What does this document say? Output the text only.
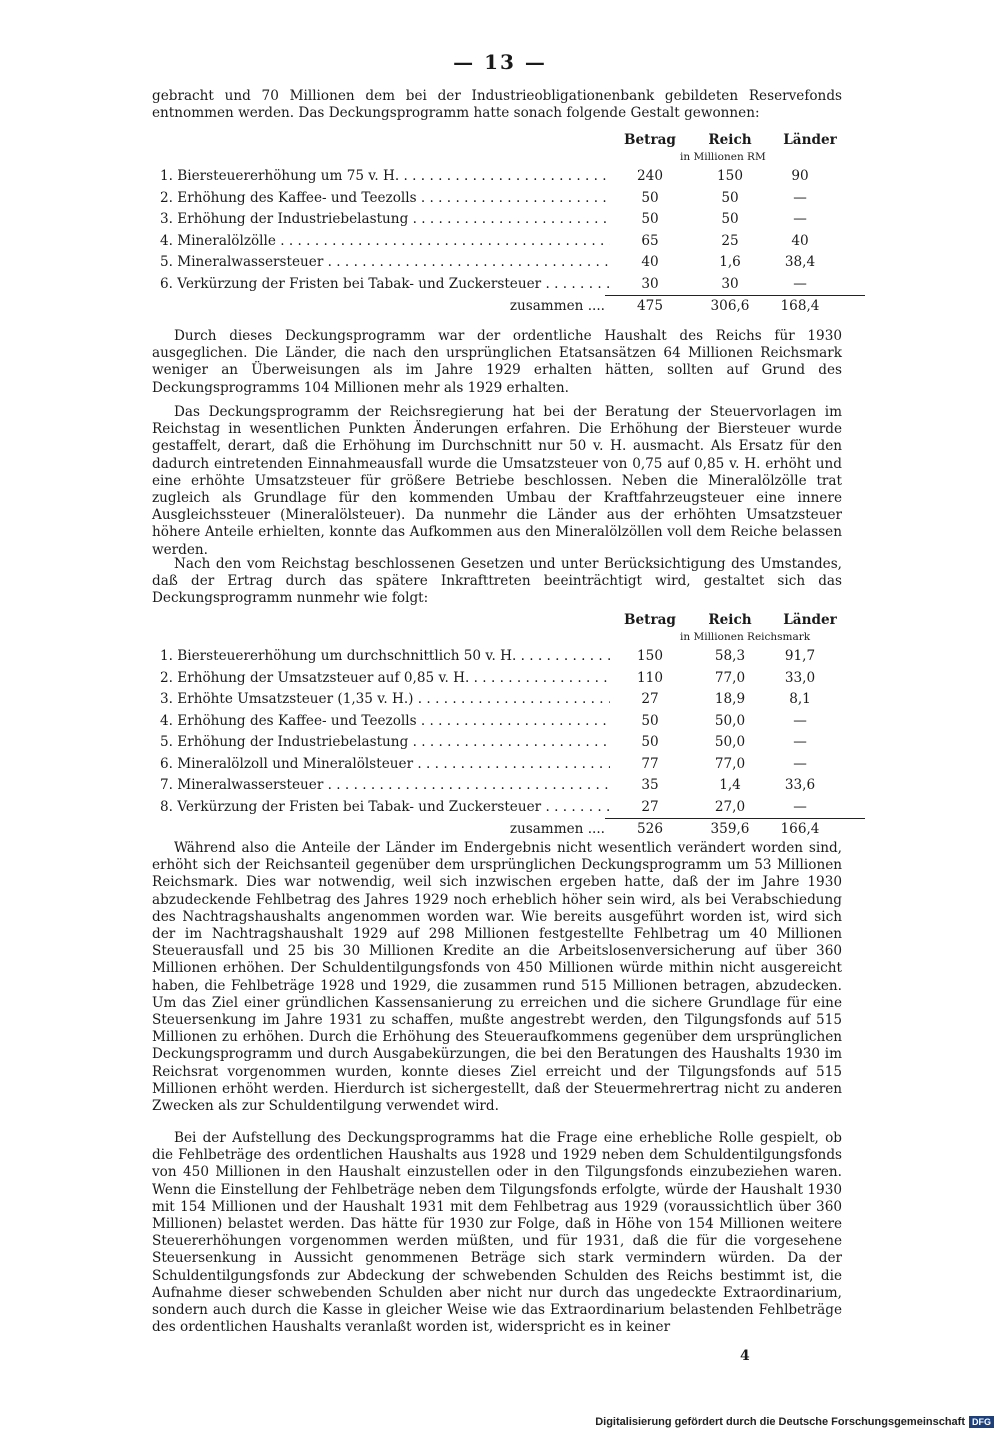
— 13 —

gebracht und 70 Millionen dem bei der Industrieobligationenbank gebildeten Reservefonds entnommen werden. Das Deckungsprogramm hatte sonach folgende Gestalt gewonnen:

Betrag	Reich	Länder
in Millionen RM
1. Biersteuererhöhung um 75 v. H. . . .	240	150	90
2. Erhöhung des Kaffee- und Teezolls . . .	50	50	—
3. Erhöhung der Industriebelastung . . .	50	50	—
4. Mineralölzölle . . .	65	25	40
5. Mineralwassersteuer . . .	40	1,6	38,4
6. Verkürzung der Fristen bei Tabak- und Zuckersteuer . . .	30	30	—
zusammen ....	475	306,6	168,4

Durch dieses Deckungsprogramm war der ordentliche Haushalt des Reichs für 1930 ausgeglichen. Die Länder, die nach den ursprünglichen Etatsansätzen 64 Millionen Reichsmark weniger an Überweisungen als im Jahre 1929 erhalten hätten, sollten auf Grund des Deckungsprogramms 104 Millionen mehr als 1929 erhalten.

Das Deckungsprogramm der Reichsregierung hat bei der Beratung der Steuervorlagen im Reichstag in wesentlichen Punkten Änderungen erfahren. Die Erhöhung der Biersteuer wurde gestaffelt, derart, daß die Erhöhung im Durchschnitt nur 50 v. H. ausmacht. Als Ersatz für den dadurch eintretenden Einnahmeausfall wurde die Umsatzsteuer von 0,75 auf 0,85 v. H. erhöht und eine erhöhte Umsatzsteuer für größere Betriebe beschlossen. Neben die Mineralölzölle trat zugleich als Grundlage für den kommenden Umbau der Kraftfahrzeugsteuer eine innere Ausgleichssteuer (Mineralölsteuer). Da nunmehr die Länder aus der erhöhten Umsatzsteuer höhere Anteile erhielten, konnte das Aufkommen aus den Mineralölzöllen voll dem Reiche belassen werden.

Nach den vom Reichstag beschlossenen Gesetzen und unter Berücksichtigung des Umstandes, daß der Ertrag durch das spätere Inkrafttreten beeinträchtigt wird, gestaltet sich das Deckungsprogramm nunmehr wie folgt:

Betrag	Reich	Länder
in Millionen Reichsmark
1. Biersteuererhöhung um durchschnittlich 50 v. H. . . .	150	58,3	91,7
2. Erhöhung der Umsatzsteuer auf 0,85 v. H. . . .	110	77,0	33,0
3. Erhöhte Umsatzsteuer (1,35 v. H.) . . .	27	18,9	8,1
4. Erhöhung des Kaffee- und Teezolls . . .	50	50,0	—
5. Erhöhung der Industriebelastung . . .	50	50,0	—
6. Mineralölzoll und Mineralölsteuer . . .	77	77,0	—
7. Mineralwassersteuer . . .	35	1,4	33,6
8. Verkürzung der Fristen bei Tabak- und Zuckersteuer . . .	27	27,0	—
zusammen ....	526	359,6	166,4

Während also die Anteile der Länder im Endergebnis nicht wesentlich verändert worden sind, erhöht sich der Reichsanteil gegenüber dem ursprünglichen Deckungsprogramm um 53 Millionen Reichsmark. Dies war notwendig, weil sich inzwischen ergeben hatte, daß der im Jahre 1930 abzudeckende Fehlbetrag des Jahres 1929 noch erheblich höher sein wird, als bei Verabschiedung des Nachtragshaushalts angenommen worden war. Wie bereits ausgeführt worden ist, wird sich der im Nachtragshaushalt 1929 auf 298 Millionen festgestellte Fehlbetrag um 40 Millionen Steuerausfall und 25 bis 30 Millionen Kredite an die Arbeitslosenversicherung auf über 360 Millionen erhöhen. Der Schuldentilgungsfonds von 450 Millionen würde mithin nicht ausgereicht haben, die Fehlbeträge 1928 und 1929, die zusammen rund 515 Millionen betragen, abzudecken. Um das Ziel einer gründlichen Kassensanierung zu erreichen und die sichere Grundlage für eine Steuersenkung im Jahre 1931 zu schaffen, mußte angestrebt werden, den Tilgungsfonds auf 515 Millionen zu erhöhen. Durch die Erhöhung des Steueraufkommens gegenüber dem ursprünglichen Deckungsprogramm und durch Ausgabekürzungen, die bei den Beratungen des Haushalts 1930 im Reichsrat vorgenommen wurden, konnte dieses Ziel erreicht und der Tilgungsfonds auf 515 Millionen erhöht werden. Hierdurch ist sichergestellt, daß der Steuermehrertrag nicht zu anderen Zwecken als zur Schuldentilgung verwendet wird.

Bei der Aufstellung des Deckungsprogramms hat die Frage eine erhebliche Rolle gespielt, ob die Fehlbeträge des ordentlichen Haushalts aus 1928 und 1929 neben dem Schuldentilgungsfonds von 450 Millionen in den Haushalt einzustellen oder in den Tilgungsfonds einzubeziehen waren. Wenn die Einstellung der Fehlbeträge neben dem Tilgungsfonds erfolgte, würde der Haushalt 1930 mit 154 Millionen und der Haushalt 1931 mit dem Fehlbetrag aus 1929 (voraussichtlich über 360 Millionen) belastet werden. Das hätte für 1930 zur Folge, daß in Höhe von 154 Millionen weitere Steuererhöhungen vorgenommen werden müßten, und für 1931, daß die für die vorgesehene Steuersenkung in Aussicht genommenen Beträge sich stark vermindern würden. Da der Schuldentilgungsfonds zur Abdeckung der schwebenden Schulden des Reichs bestimmt ist, die Aufnahme dieser schwebenden Schulden aber nicht nur durch das ungedeckte Extraordinarium, sondern auch durch die Kasse in gleicher Weise wie das Extraordinarium belastenden Fehlbeträge des ordentlichen Haushalts veranlaßt worden ist, widerspricht es in keiner

4
Digitalisierung gefördert durch die Deutsche Forschungsgemeinschaft DFG
